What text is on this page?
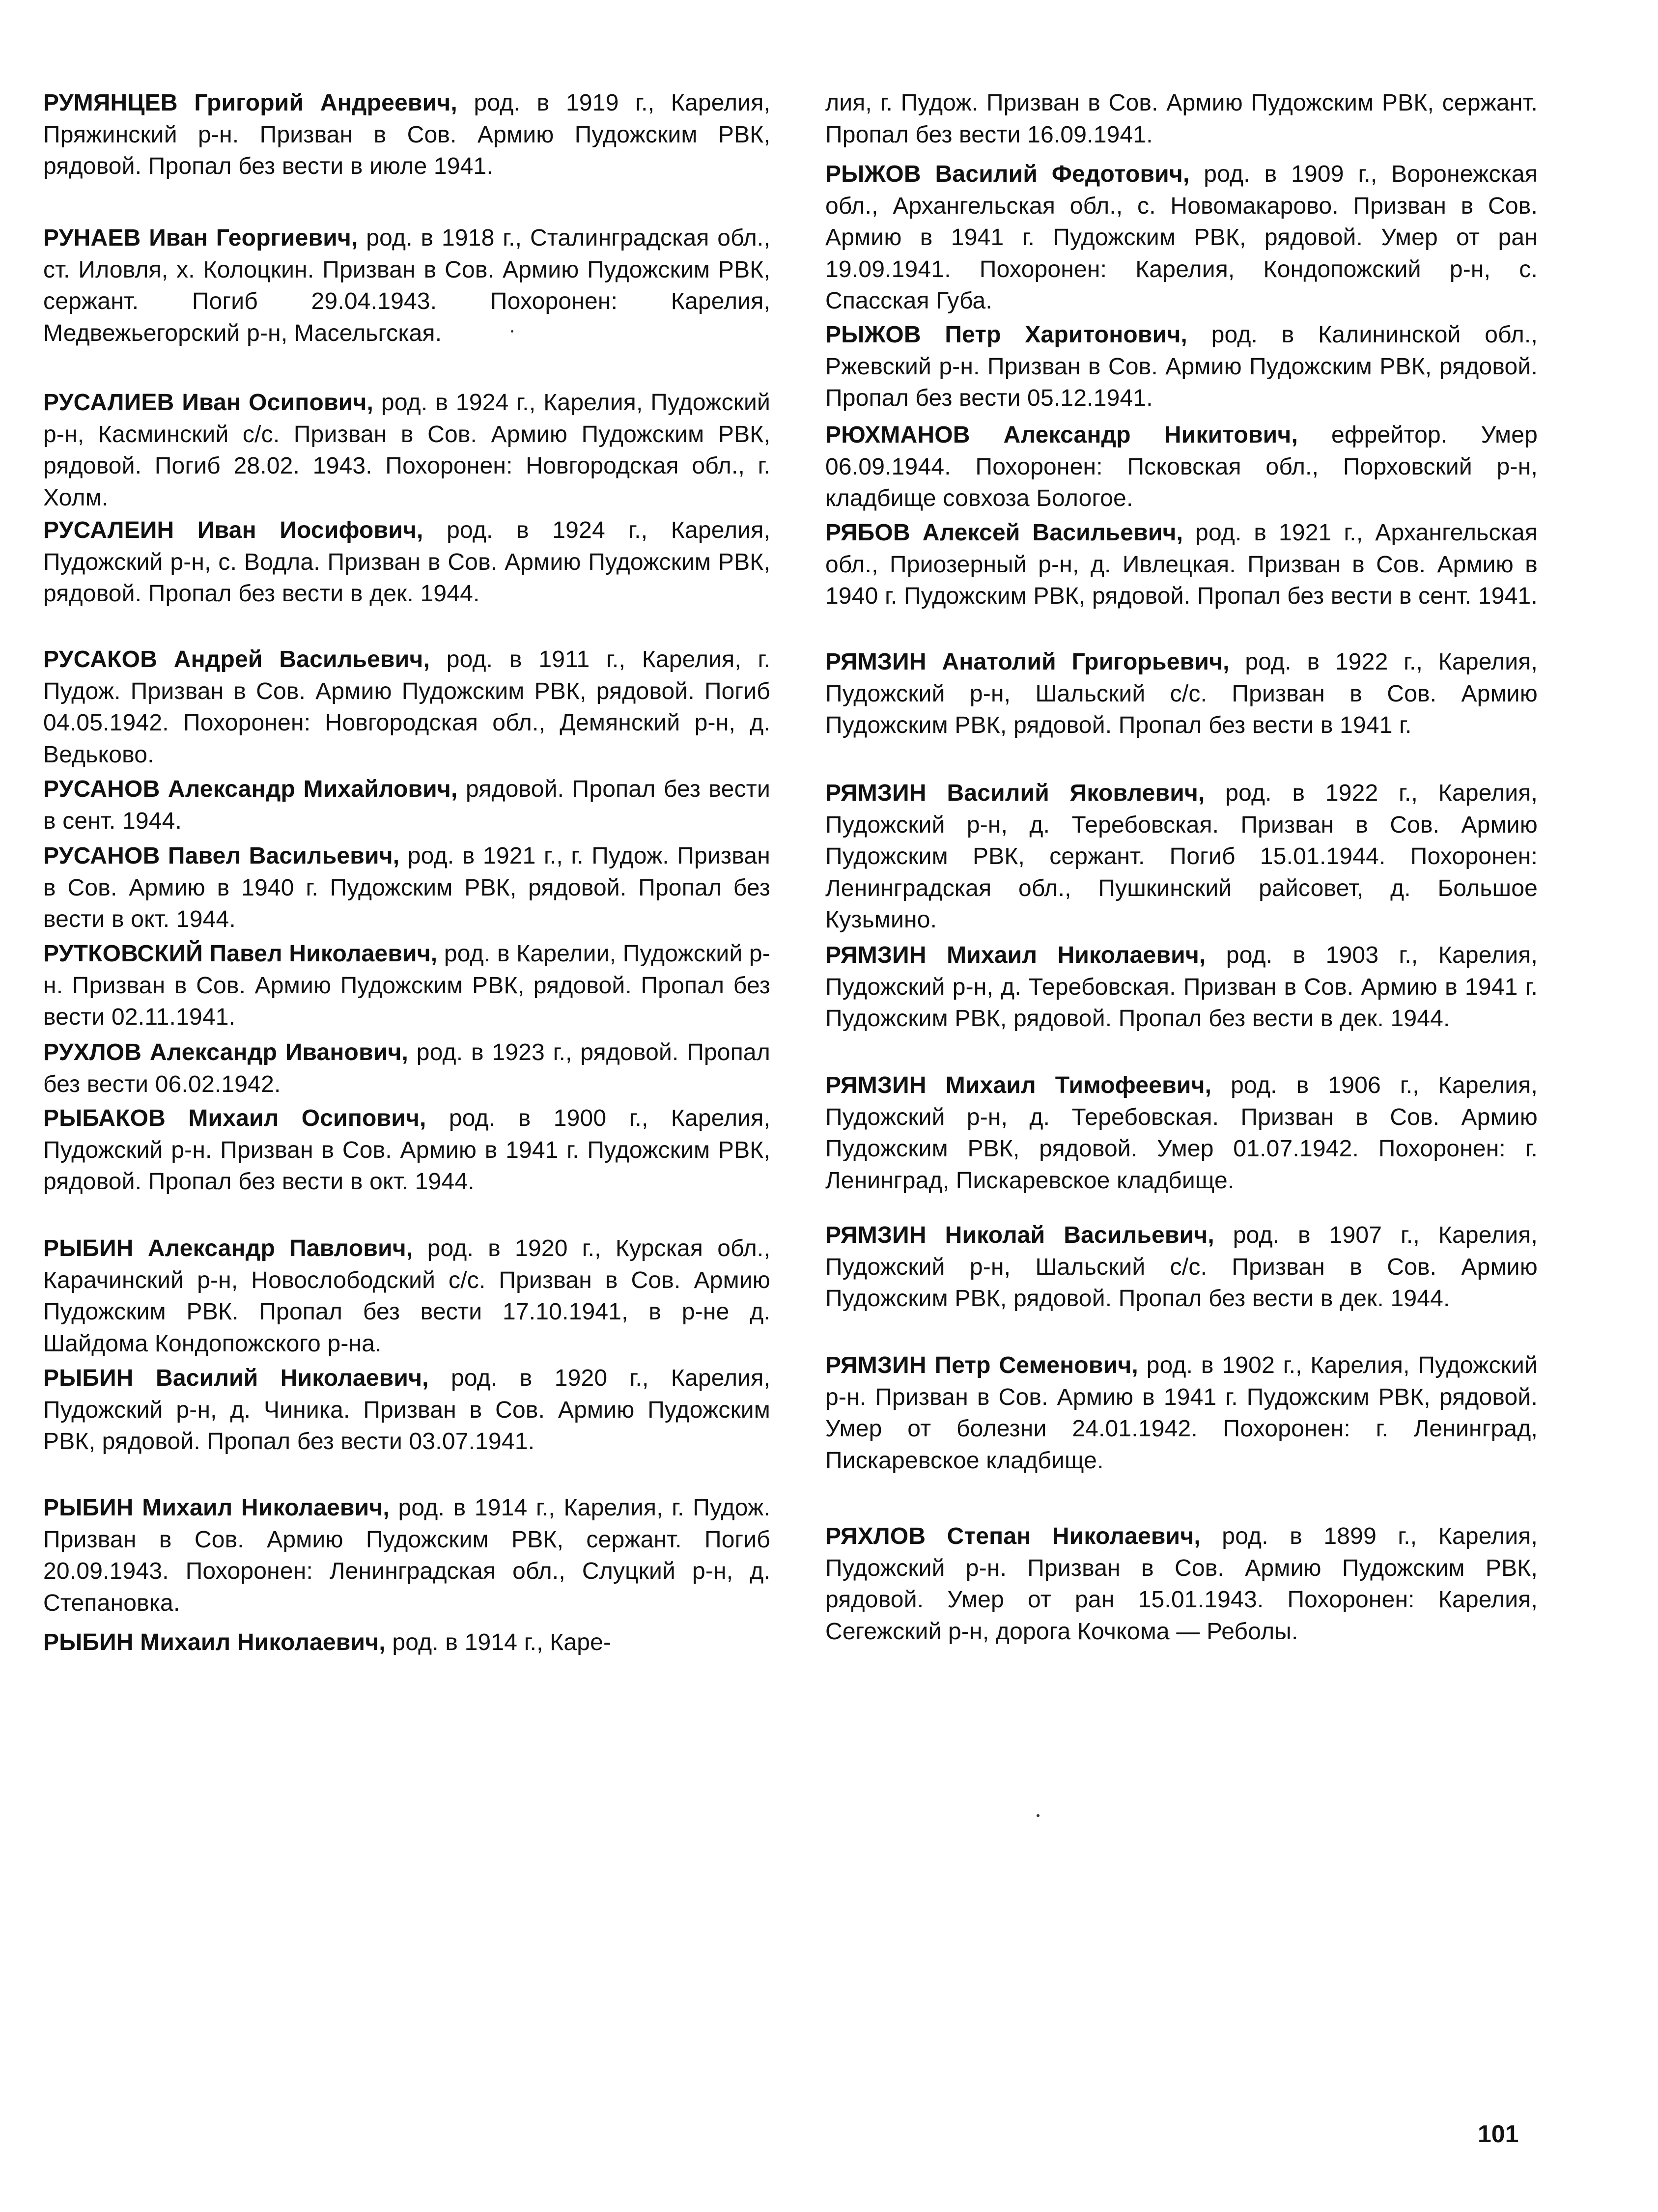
РУМЯНЦЕВ Григорий Андреевич, род. в 1919 г., Карелия, Пряжинский р-н. Призван в Сов. Армию Пудожским РВК, рядовой. Пропал без вести в июле 1941.

РУНАЕВ Иван Георгиевич, род. в 1918 г., Сталинградская обл., ст. Иловля, х. Колоцкин. Призван в Сов. Армию Пудожским РВК, сержант. Погиб 29.04.1943. Похоронен: Карелия, Медвежьегорский р-н, Масельгская.

РУСАЛИЕВ Иван Осипович, род. в 1924 г., Карелия, Пудожский р-н, Касминский с/с. Призван в Сов. Армию Пудожским РВК, рядовой. Погиб 28.02. 1943. Похоронен: Новгородская обл., г. Холм.

РУСАЛЕИН Иван Иосифович, род. в 1924 г., Карелия, Пудожский р-н, с. Водла. Призван в Сов. Армию Пудожским РВК, рядовой. Пропал без вести в дек. 1944.

РУСАКОВ Андрей Васильевич, род. в 1911 г., Карелия, г. Пудож. Призван в Сов. Армию Пудожским РВК, рядовой. Погиб 04.05.1942. Похоронен: Новгородская обл., Демянский р-н, д. Ведьково.

РУСАНОВ Александр Михайлович, рядовой. Пропал без вести в сент. 1944.

РУСАНОВ Павел Васильевич, род. в 1921 г., г. Пудож. Призван в Сов. Армию в 1940 г. Пудожским РВК, рядовой. Пропал без вести в окт. 1944.

РУТКОВСКИЙ Павел Николаевич, род. в Карелии, Пудожский р-н. Призван в Сов. Армию Пудожским РВК, рядовой. Пропал без вести 02.11.1941.

РУХЛОВ Александр Иванович, род. в 1923 г., рядовой. Пропал без вести 06.02.1942.

РЫБАКОВ Михаил Осипович, род. в 1900 г., Карелия, Пудожский р-н. Призван в Сов. Армию в 1941 г. Пудожским РВК, рядовой. Пропал без вести в окт. 1944.

РЫБИН Александр Павлович, род. в 1920 г., Курская обл., Карачинский р-н, Новослободский с/с. Призван в Сов. Армию Пудожским РВК. Пропал без вести 17.10.1941, в р-не д. Шайдома Кондопожского р-на.

РЫБИН Василий Николаевич, род. в 1920 г., Карелия, Пудожский р-н, д. Чиника. Призван в Сов. Армию Пудожским РВК, рядовой. Пропал без вести 03.07.1941.

РЫБИН Михаил Николаевич, род. в 1914 г., Карелия, г. Пудож. Призван в Сов. Армию Пудожским РВК, сержант. Погиб 20.09.1943. Похоронен: Ленинградская обл., Слуцкий р-н, д. Степановка.

РЫБИН Михаил Николаевич, род. в 1914 г., Каре-

лия, г. Пудож. Призван в Сов. Армию Пудожским РВК, сержант. Пропал без вести 16.09.1941.

РЫЖОВ Василий Федотович, род. в 1909 г., Воронежская обл., Архангельская обл., с. Новомакарово. Призван в Сов. Армию в 1941 г. Пудожским РВК, рядовой. Умер от ран 19.09.1941. Похоронен: Карелия, Кондопожский р-н, с. Спасская Губа.

РЫЖОВ Петр Харитонович, род. в Калининской обл., Ржевский р-н. Призван в Сов. Армию Пудожским РВК, рядовой. Пропал без вести 05.12.1941.

РЮХМАНОВ Александр Никитович, ефрейтор. Умер 06.09.1944. Похоронен: Псковская обл., Порховский р-н, кладбище совхоза Бологое.

РЯБОВ Алексей Васильевич, род. в 1921 г., Архангельская обл., Приозерный р-н, д. Ивлецкая. Призван в Сов. Армию в 1940 г. Пудожским РВК, рядовой. Пропал без вести в сент. 1941.

РЯМЗИН Анатолий Григорьевич, род. в 1922 г., Карелия, Пудожский р-н, Шальский с/с. Призван в Сов. Армию Пудожским РВК, рядовой. Пропал без вести в 1941 г.

РЯМЗИН Василий Яковлевич, род. в 1922 г., Карелия, Пудожский р-н, д. Теребовская. Призван в Сов. Армию Пудожским РВК, сержант. Погиб 15.01.1944. Похоронен: Ленинградская обл., Пушкинский райсовет, д. Большое Кузьмино.

РЯМЗИН Михаил Николаевич, род. в 1903 г., Карелия, Пудожский р-н, д. Теребовская. Призван в Сов. Армию в 1941 г. Пудожским РВК, рядовой. Пропал без вести в дек. 1944.

РЯМЗИН Михаил Тимофеевич, род. в 1906 г., Карелия, Пудожский р-н, д. Теребовская. Призван в Сов. Армию Пудожским РВК, рядовой. Умер 01.07.1942. Похоронен: г. Ленинград, Пискаревское кладбище.

РЯМЗИН Николай Васильевич, род. в 1907 г., Карелия, Пудожский р-н, Шальский с/с. Призван в Сов. Армию Пудожским РВК, рядовой. Пропал без вести в дек. 1944.

РЯМЗИН Петр Семенович, род. в 1902 г., Карелия, Пудожский р-н. Призван в Сов. Армию в 1941 г. Пудожским РВК, рядовой. Умер от болезни 24.01.1942. Похоронен: г. Ленинград, Пискаревское кладбище.

РЯХЛОВ Степан Николаевич, род. в 1899 г., Карелия, Пудожский р-н. Призван в Сов. Армию Пудожским РВК, рядовой. Умер от ран 15.01.1943. Похоронен: Карелия, Сегежский р-н, дорога Кочкома — Реболы.

101
